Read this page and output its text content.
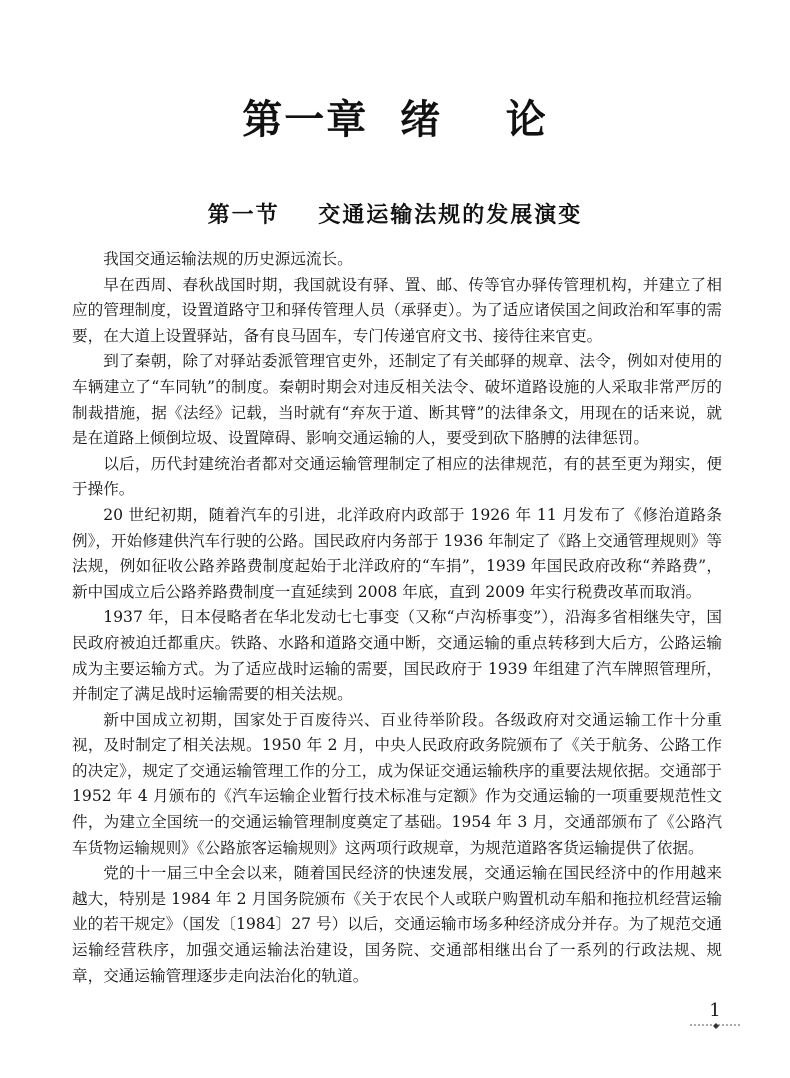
第一章  绪    论
第一节    交通运输法规的发展演变

我国交通运输法规的历史源远流长。

早在西周、春秋战国时期，我国就设有驿、置、邮、传等官办驿传管理机构，并建立了相应的管理制度，设置道路守卫和驿传管理人员（承驿吏）。为了适应诸侯国之间政治和军事的需要，在大道上设置驿站，备有良马固车，专门传递官府文书、接待往来官吏。

到了秦朝，除了对驿站委派管理官吏外，还制定了有关邮驿的规章、法令，例如对使用的车辆建立了“车同轨”的制度。秦朝时期会对违反相关法令、破坏道路设施的人采取非常严厉的制裁措施，据《法经》记载，当时就有“弃灰于道、断其臂”的法律条文，用现在的话来说，就是在道路上倾倒垃圾、设置障碍、影响交通运输的人，要受到砍下胳膊的法律惩罚。

以后，历代封建统治者都对交通运输管理制定了相应的法律规范，有的甚至更为翔实，便于操作。

20 世纪初期，随着汽车的引进，北洋政府内政部于 1926 年 11 月发布了《修治道路条例》，开始修建供汽车行驶的公路。国民政府内务部于 1936 年制定了《路上交通管理规则》等法规，例如征收公路养路费制度起始于北洋政府的“车捐”，1939 年国民政府改称“养路费”，新中国成立后公路养路费制度一直延续到 2008 年底，直到 2009 年实行税费改革而取消。

1937 年，日本侵略者在华北发动七七事变（又称“卢沟桥事变”），沿海多省相继失守，国民政府被迫迁都重庆。铁路、水路和道路交通中断，交通运输的重点转移到大后方，公路运输成为主要运输方式。为了适应战时运输的需要，国民政府于 1939 年组建了汽车牌照管理所，并制定了满足战时运输需要的相关法规。

新中国成立初期，国家处于百废待兴、百业待举阶段。各级政府对交通运输工作十分重视，及时制定了相关法规。1950 年 2 月，中央人民政府政务院颁布了《关于航务、公路工作的决定》，规定了交通运输管理工作的分工，成为保证交通运输秩序的重要法规依据。交通部于 1952 年 4 月颁布的《汽车运输企业暂行技术标准与定额》作为交通运输的一项重要规范性文件，为建立全国统一的交通运输管理制度奠定了基础。1954 年 3 月，交通部颁布了《公路汽车货物运输规则》《公路旅客运输规则》这两项行政规章，为规范道路客货运输提供了依据。

党的十一届三中全会以来，随着国民经济的快速发展，交通运输在国民经济中的作用越来越大，特别是 1984 年 2 月国务院颁布《关于农民个人或联户购置机动车船和拖拉机经营运输业的若干规定》（国发〔1984〕27 号）以后，交通运输市场多种经济成分并存。为了规范交通运输经营秩序，加强交通运输法治建设，国务院、交通部相继出台了一系列的行政法规、规章，交通运输管理逐步走向法治化的轨道。

1
